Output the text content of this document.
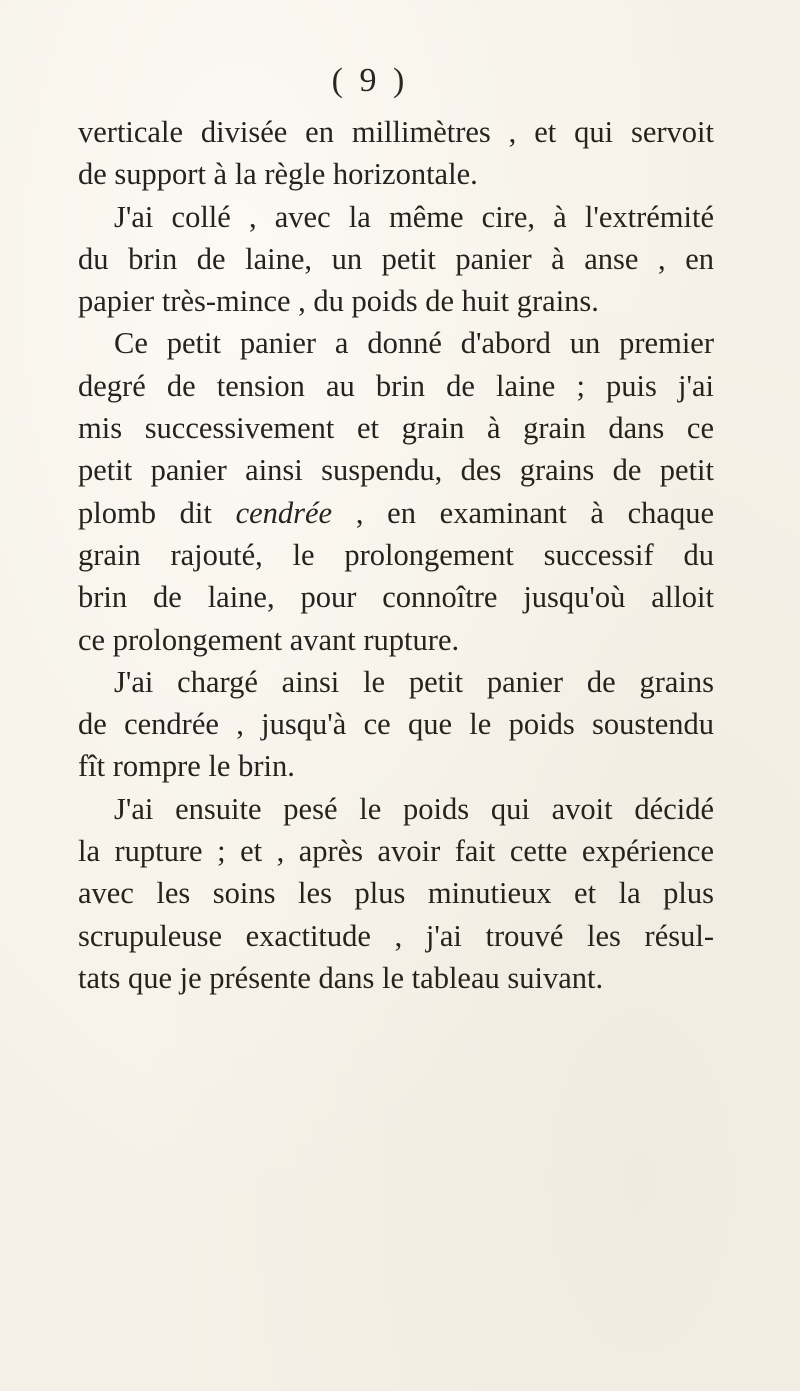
( 9 )
verticale divisée en millimètres , et qui servoit
de support à la règle horizontale.
J'ai collé , avec la même cire, à l'extrémité
du brin de laine, un petit panier à anse , en
papier très-mince , du poids de huit grains.
Ce petit panier a donné d'abord un premier
degré de tension au brin de laine ; puis j'ai
mis successivement et grain à grain dans ce
petit panier ainsi suspendu, des grains de petit
plomb dit cendrée , en examinant à chaque
grain rajouté, le prolongement successif du
brin de laine, pour connoître jusqu'où alloit
ce prolongement avant rupture.
J'ai chargé ainsi le petit panier de grains
de cendrée , jusqu'à ce que le poids soustendu
fît rompre le brin.
J'ai ensuite pesé le poids qui avoit décidé
la rupture ; et , après avoir fait cette expérience
avec les soins les plus minutieux et la plus
scrupuleuse exactitude , j'ai trouvé les résul-
tats que je présente dans le tableau suivant.
